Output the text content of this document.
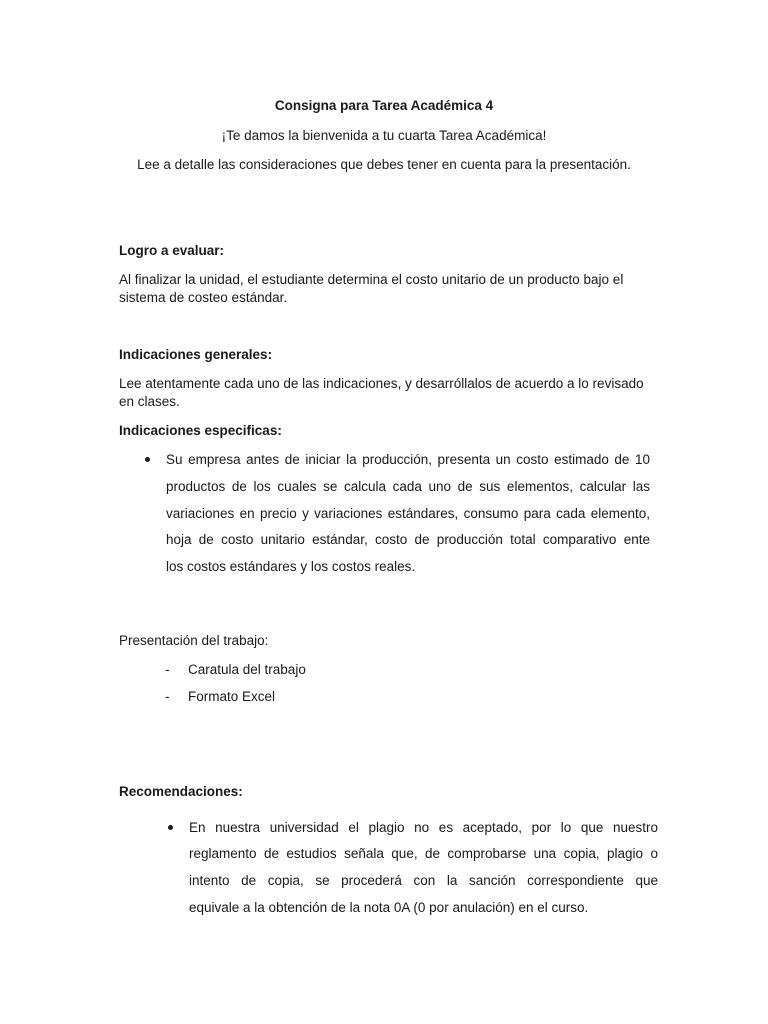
Consigna para Tarea Académica 4
¡Te damos la bienvenida a tu cuarta Tarea Académica!
Lee a detalle las consideraciones que debes tener en cuenta para la presentación.
Logro a evaluar:
Al finalizar la unidad, el estudiante determina el costo unitario de un producto bajo el sistema de costeo estándar.
Indicaciones generales:
Lee atentamente cada uno de las indicaciones, y desarróllalos de acuerdo a lo revisado en clases.
Indicaciones especificas:
Su empresa antes de iniciar la producción, presenta un costo estimado de 10
productos de los cuales se calcula cada uno de sus elementos, calcular las
variaciones en precio y variaciones estándares, consumo para cada elemento,
hoja de costo unitario estándar, costo de producción total comparativo ente
los costos estándares y los costos reales.
Presentación del trabajo:
- Caratula del trabajo
- Formato Excel
Recomendaciones:
En nuestra universidad el plagio no es aceptado, por lo que nuestro
reglamento de estudios señala que, de comprobarse una copia, plagio o
intento de copia, se procederá con la sanción correspondiente que
equivale a la obtención de la nota 0A (0 por anulación) en el curso.
